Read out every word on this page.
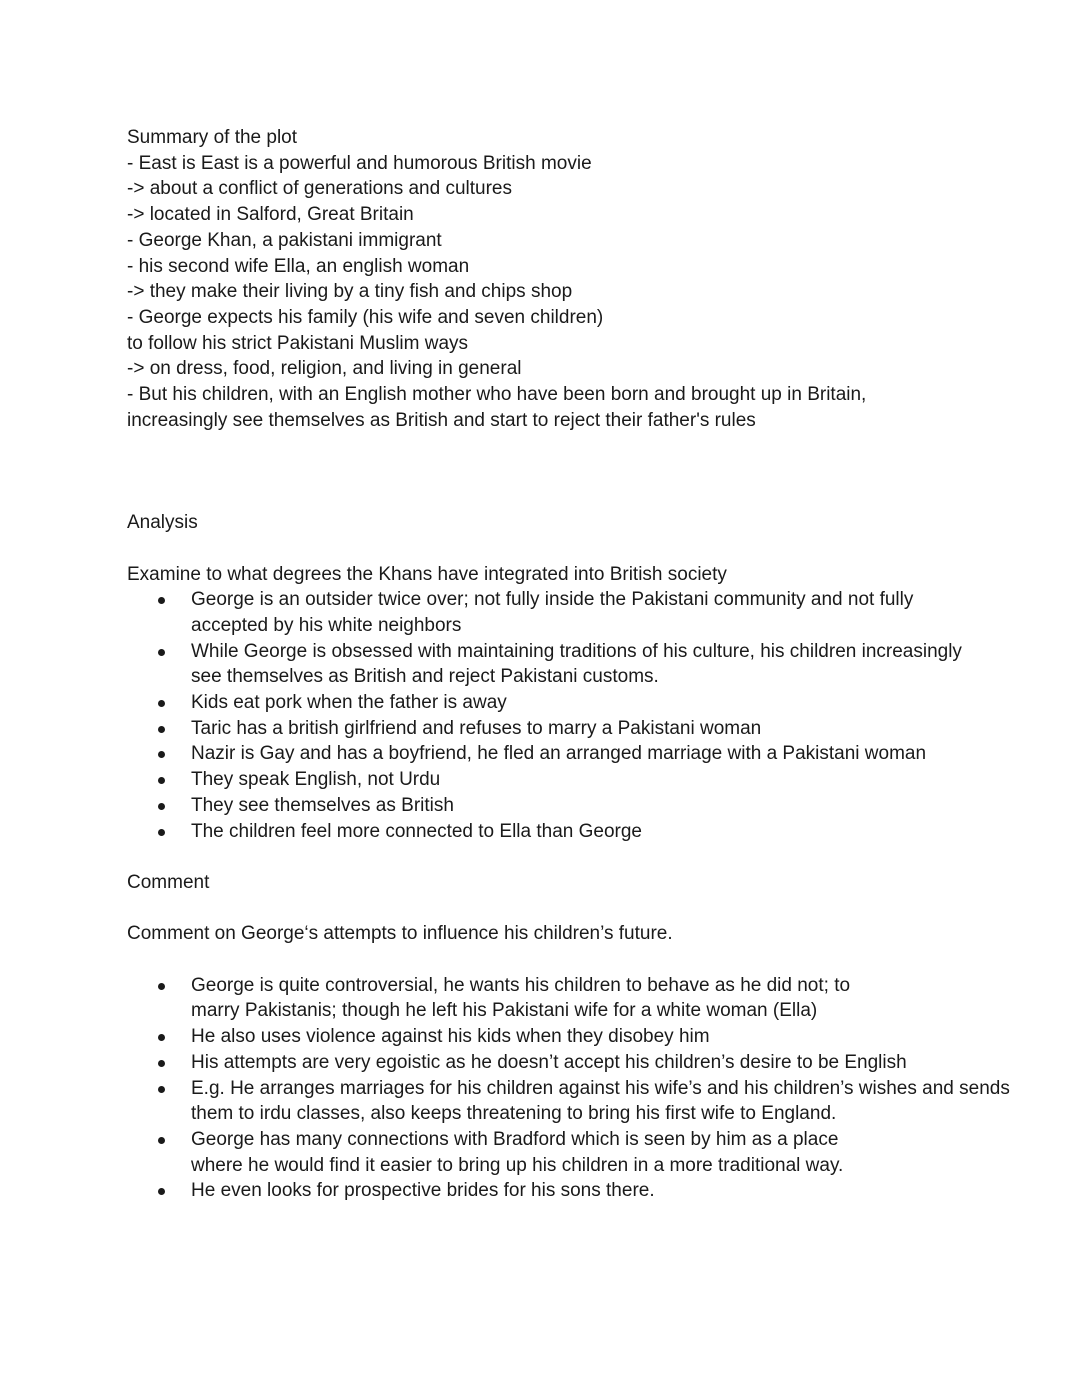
Summary of the plot

- East is East is a powerful and humorous British movie

-> about a conflict of generations and cultures

-> located in Salford, Great Britain

- George Khan, a pakistani immigrant

- his second wife Ella, an english woman

-> they make their living by a tiny fish and chips shop

- George expects his family (his wife and seven children)

to follow his strict Pakistani Muslim ways

-> on dress, food, religion, and living in general

- But his children, with an English mother who have been born and brought up in Britain,

increasingly see themselves as British and start to reject their father's rules

Analysis

Examine to what degrees the Khans have integrated into British society

George is an outsider twice over; not fully inside the Pakistani community and not fully accepted by his white neighbors
While George is obsessed with maintaining traditions of his culture, his children increasingly see themselves as British and reject Pakistani customs.
Kids eat pork when the father is away
Taric has a british girlfriend and refuses to marry a Pakistani woman
Nazir is Gay and has a boyfriend, he fled an arranged marriage with a Pakistani woman
They speak English, not Urdu
They see themselves as British
The children feel more connected to Ella than George

Comment

Comment on George‘s attempts to influence his children’s future.

George is quite controversial, he wants his children to behave as he did not; to marry Pakistanis; though he left his Pakistani wife for a white woman (Ella)
He also uses violence against his kids when they disobey him
His attempts are very egoistic as he doesn’t accept his children’s desire to be English
E.g. He arranges marriages for his children against his wife’s and his children’s wishes and sends them to irdu classes, also keeps threatening to bring his first wife to England.
George has many connections with Bradford which is seen by him as a place where he would find it easier to bring up his children in a more traditional way.
He even looks for prospective brides for his sons there.
